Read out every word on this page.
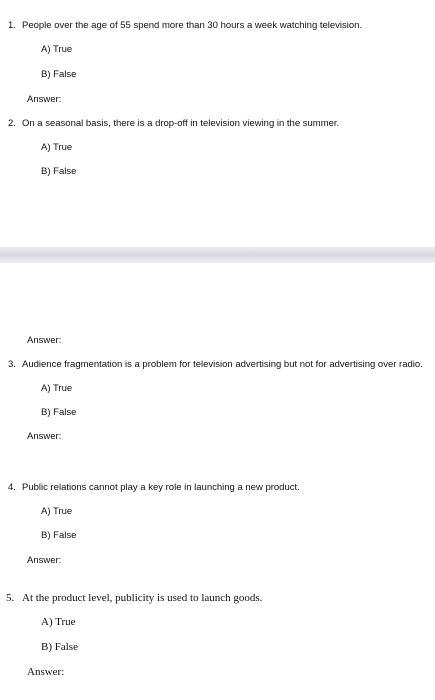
1. People over the age of 55 spend more than 30 hours a week watching television.
A) True
B) False
Answer:
2. On a seasonal basis, there is a drop-off in television viewing in the summer.
A) True
B) False
Answer:
3. Audience fragmentation is a problem for television advertising but not for advertising over radio.
A) True
B) False
Answer:
4. Public relations cannot play a key role in launching a new product.
A) True
B) False
Answer:
5. At the product level, publicity is used to launch goods.
A) True
B) False
Answer:
